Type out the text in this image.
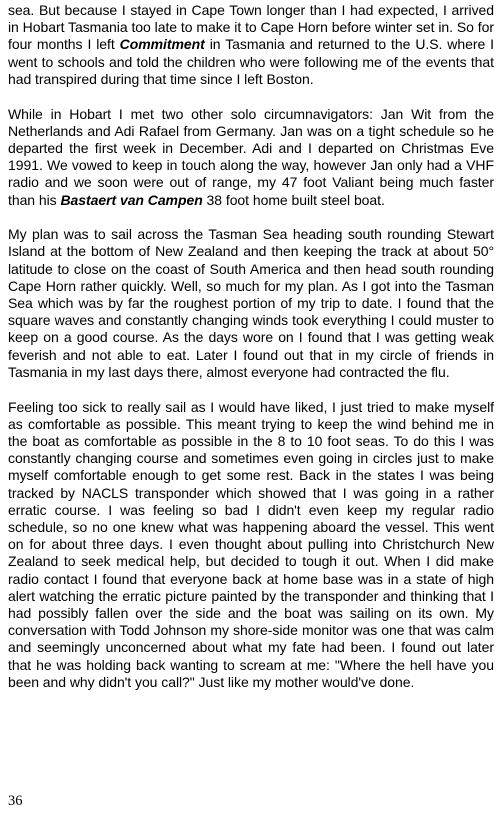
sea. But because I stayed in Cape Town longer than I had expected, I arrived in Hobart Tasmania too late to make it to Cape Horn before winter set in. So for four months I left Commitment in Tasmania and returned to the U.S. where I went to schools and told the children who were following me of the events that had transpired during that time since I left Boston.

While in Hobart I met two other solo circumnavigators: Jan Wit from the Netherlands and Adi Rafael from Germany. Jan was on a tight schedule so he departed the first week in December. Adi and I departed on Christmas Eve 1991. We vowed to keep in touch along the way, however Jan only had a VHF radio and we soon were out of range, my 47 foot Valiant being much faster than his Bastaert van Campen 38 foot home built steel boat.

My plan was to sail across the Tasman Sea heading south rounding Stewart Island at the bottom of New Zealand and then keeping the track at about 50° latitude to close on the coast of South America and then head south rounding Cape Horn rather quickly. Well, so much for my plan. As I got into the Tasman Sea which was by far the roughest portion of my trip to date. I found that the square waves and constantly changing winds took everything I could muster to keep on a good course. As the days wore on I found that I was getting weak feverish and not able to eat. Later I found out that in my circle of friends in Tasmania in my last days there, almost everyone had contracted the flu.

Feeling too sick to really sail as I would have liked, I just tried to make myself as comfortable as possible. This meant trying to keep the wind behind me in the boat as comfortable as possible in the 8 to 10 foot seas. To do this I was constantly changing course and sometimes even going in circles just to make myself comfortable enough to get some rest. Back in the states I was being tracked by NACLS transponder which showed that I was going in a rather erratic course. I was feeling so bad I didn't even keep my regular radio schedule, so no one knew what was happening aboard the vessel. This went on for about three days. I even thought about pulling into Christchurch New Zealand to seek medical help, but decided to tough it out. When I did make radio contact I found that everyone back at home base was in a state of high alert watching the erratic picture painted by the transponder and thinking that I had possibly fallen over the side and the boat was sailing on its own. My conversation with Todd Johnson my shore-side monitor was one that was calm and seemingly unconcerned about what my fate had been. I found out later that he was holding back wanting to scream at me: "Where the hell have you been and why didn't you call?" Just like my mother would've done.

36
